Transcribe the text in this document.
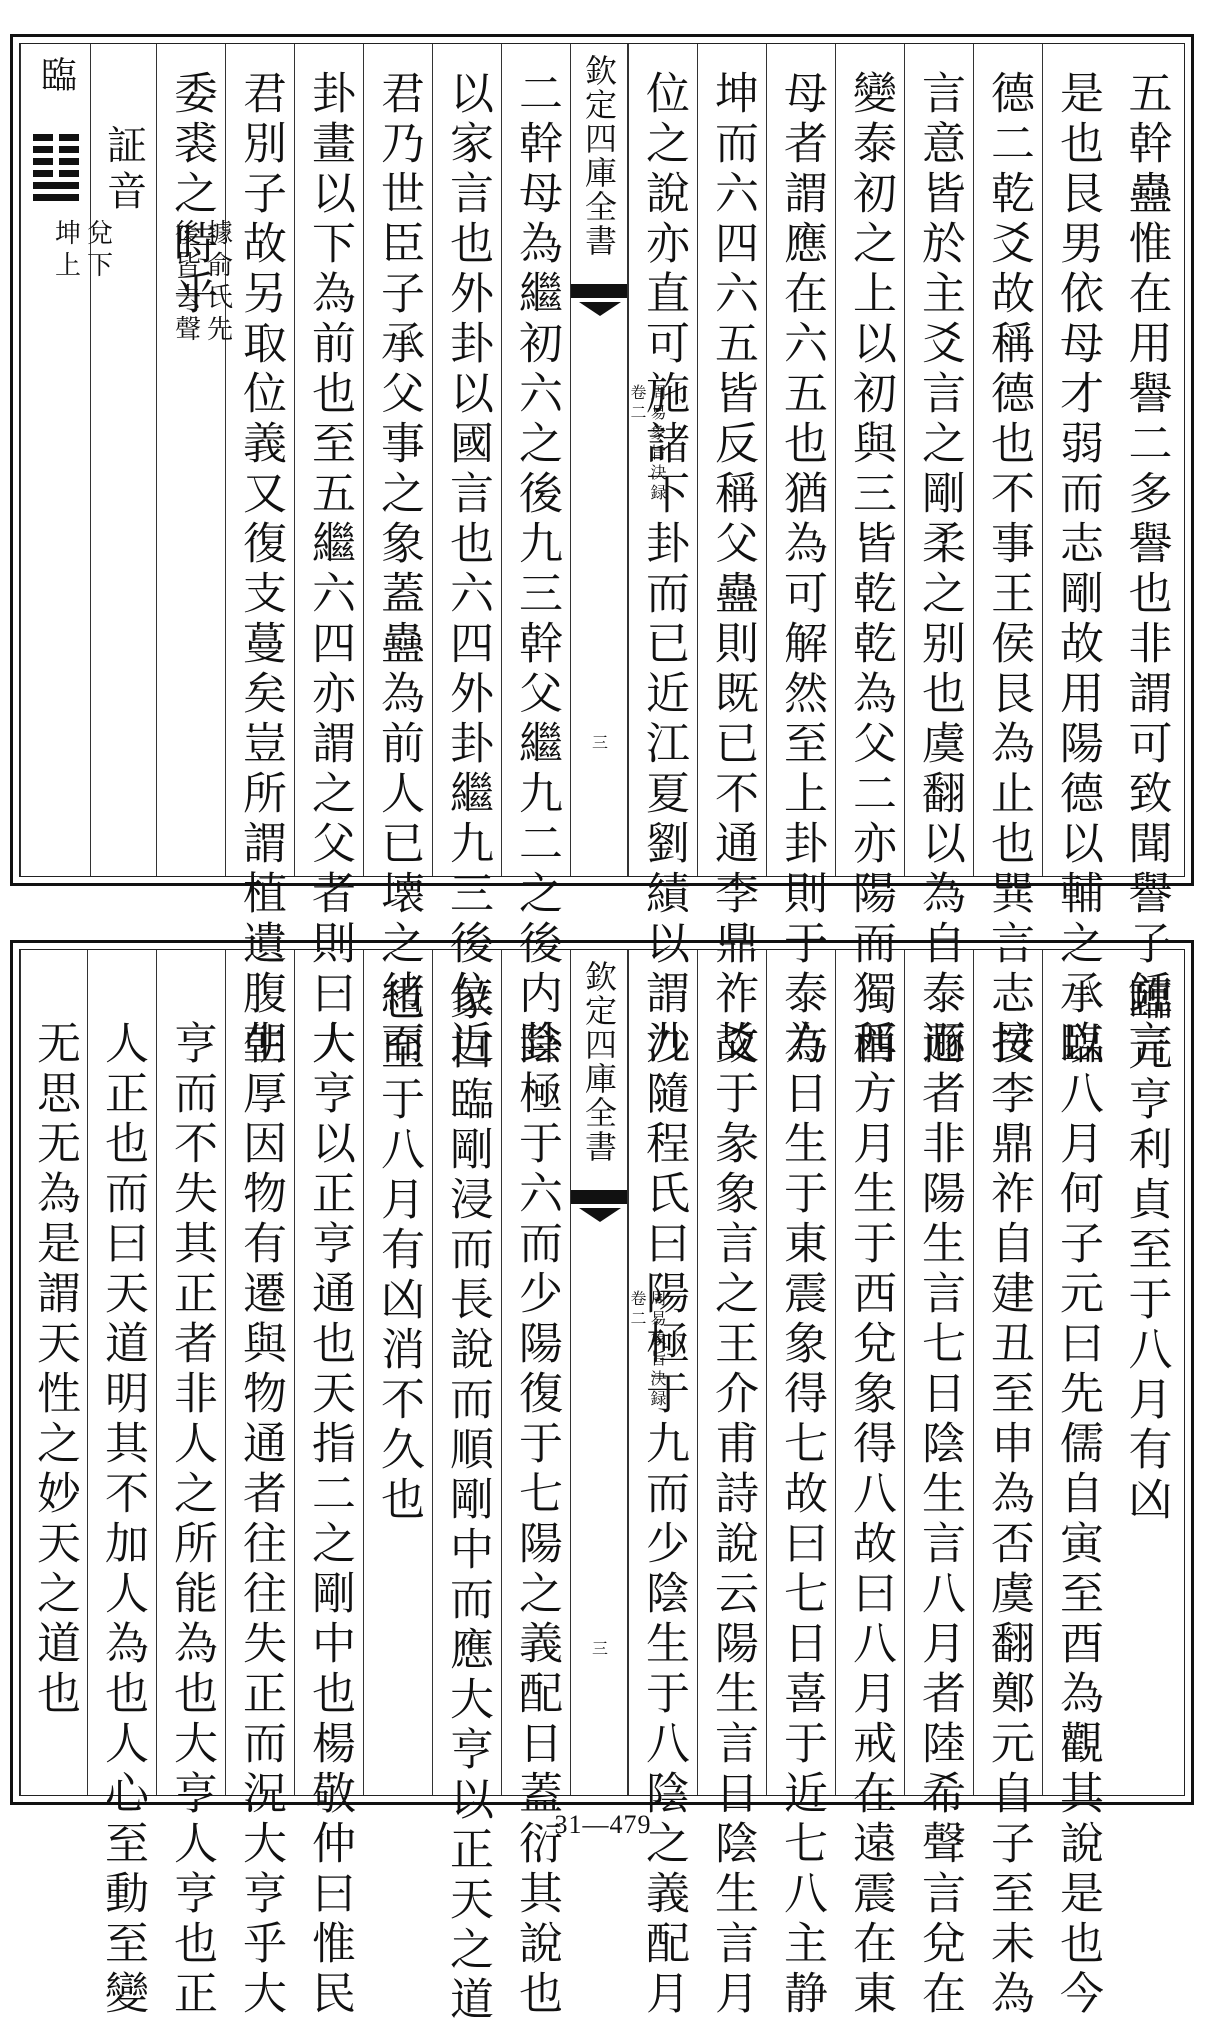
五幹蠱惟在用譽二多譽也非謂可致聞譽子鍾言
是也艮男依母才弱而志剛故用陽德以輔之承以
德二乾爻故稱德也不事王侯艮為止也巽言志艮
言意皆於主爻言之剛柔之别也虞翻以為自泰而
變泰初之上以初與三皆乾乾為父二亦陽而獨稱
母者謂應在六五也猶為可解然至上卦則于泰為
坤而六四六五皆反稱父蠱則既已不通李鼎祚爻
位之說亦直可施諸下卦而已近江夏劉績以謂九
欽定四庫全書
周易象旨決録
卷二
三
二幹母為繼初六之後九三幹父繼九二之後内卦
以家言也外卦以國言也六四外卦繼九三後位近
君乃世臣子承父事之象蓋蠱為前人已壊之緒而
卦畫以下為前也至五繼六四亦謂之父者則曰人
君別子故另取位義又復支蔓矣豈所謂植遺腹朝
委裘之時乎
証音
據俞氏先
後皆去聲
臨
兌下
坤上
臨元亨利貞至于八月有凶
臨八月何子元曰先儒自寅至酉為觀其說是也今
按李鼎祚自建丑至申為否虞翻鄭元自子至未為
遯者非陽生言七日陰生言八月者陸希聲言兌在
西方月生于西兌象得八故曰八月戒在遠震在東
方日生于東震象得七故曰七日喜于近七八主静
故于彖象言之王介甫詩說云陽生言日陰生言月
沙隨程氏曰陽極于九而少陰生于八陰之義配月
欽定四庫全書
周易象旨決録
卷二
三
陰極于六而少陽復于七陽之義配日蓋衍其說也
彖曰臨剛浸而長說而順剛中而應大亨以正天之道
也至于八月有凶消不久也
大亨以正亨通也天指二之剛中也楊敬仲曰惟民
生厚因物有遷與物通者往往失正而況大亨乎大
亨而不失其正者非人之所能為也大亨人亨也正
人正也而曰天道明其不加人為也人心至動至變
无思无為是謂天性之妙天之道也
31—479
